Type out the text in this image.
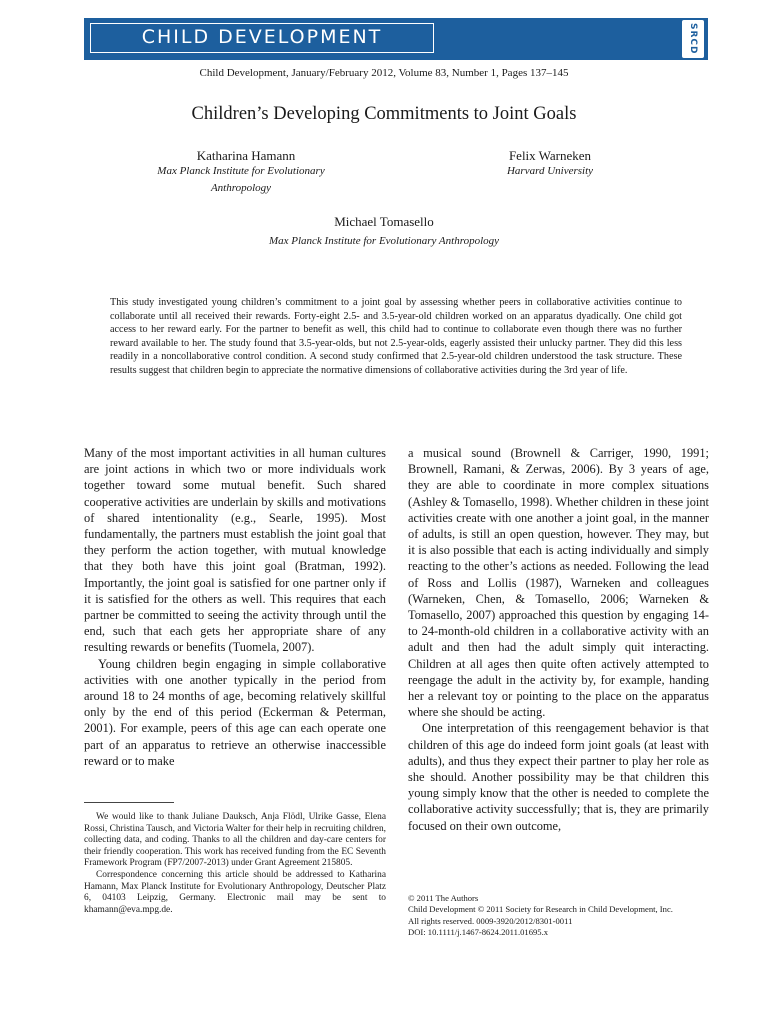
CHILD DEVELOPMENT	SRCD
Child Development, January/February 2012, Volume 83, Number 1, Pages 137–145
Children’s Developing Commitments to Joint Goals
Katharina Hamann
Max Planck Institute for Evolutionary Anthropology
Felix Warneken
Harvard University
Michael Tomasello
Max Planck Institute for Evolutionary Anthropology
This study investigated young children’s commitment to a joint goal by assessing whether peers in collaborative activities continue to collaborate until all received their rewards. Forty-eight 2.5- and 3.5-year-old children worked on an apparatus dyadically. One child got access to her reward early. For the partner to benefit as well, this child had to continue to collaborate even though there was no further reward available to her. The study found that 3.5-year-olds, but not 2.5-year-olds, eagerly assisted their unlucky partner. They did this less readily in a noncollaborative control condition. A second study confirmed that 2.5-year-old children understood the task structure. These results suggest that children begin to appreciate the normative dimensions of collaborative activities during the 3rd year of life.

Many of the most important activities in all human cultures are joint actions in which two or more individuals work together toward some mutual benefit. Such shared cooperative activities are underlain by skills and motivations of shared intentionality (e.g., Searle, 1995). Most fundamentally, the partners must establish the joint goal that they perform the action together, with mutual knowledge that they both have this joint goal (Bratman, 1992). Importantly, the joint goal is satisfied for one partner only if it is satisfied for the others as well. This requires that each partner be committed to seeing the activity through until the end, such that each gets her appropriate share of any resulting rewards or benefits (Tuomela, 2007).

Young children begin engaging in simple collaborative activities with one another typically in the period from around 18 to 24 months of age, becoming relatively skillful only by the end of this period (Eckerman & Peterman, 2001). For example, peers of this age can each operate one part of an apparatus to retrieve an otherwise inaccessible reward or to make

a musical sound (Brownell & Carriger, 1990, 1991; Brownell, Ramani, & Zerwas, 2006). By 3 years of age, they are able to coordinate in more complex situations (Ashley & Tomasello, 1998). Whether children in these joint activities create with one another a joint goal, in the manner of adults, is still an open question, however. They may, but it is also possible that each is acting individually and simply reacting to the other’s actions as needed. Following the lead of Ross and Lollis (1987), Warneken and colleagues (Warneken, Chen, & Tomasello, 2006; Warneken & Tomasello, 2007) approached this question by engaging 14- to 24-month-old children in a collaborative activity with an adult and then had the adult simply quit interacting. Children at all ages then quite often actively attempted to reengage the adult in the activity by, for example, handing her a relevant toy or pointing to the place on the apparatus where she should be acting.

One interpretation of this reengagement behavior is that children of this age do indeed form joint goals (at least with adults), and thus they expect their partner to play her role as she should. Another possibility may be that children this young simply know that the other is needed to complete the collaborative activity successfully; that is, they are primarily focused on their own outcome,

We would like to thank Juliane Dauksch, Anja Flödl, Ulrike Gasse, Elena Rossi, Christina Tausch, and Victoria Walter for their help in recruiting children, collecting data, and coding. Thanks to all the children and day-care centers for their friendly cooperation. This work has received funding from the EC Seventh Framework Program (FP7/2007-2013) under Grant Agreement 215805.

Correspondence concerning this article should be addressed to Katharina Hamann, Max Planck Institute for Evolutionary Anthropology, Deutscher Platz 6, 04103 Leipzig, Germany. Electronic mail may be sent to khamann@eva.mpg.de.

© 2011 The Authors
Child Development © 2011 Society for Research in Child Development, Inc.
All rights reserved. 0009-3920/2012/8301-0011
DOI: 10.1111/j.1467-8624.2011.01695.x
